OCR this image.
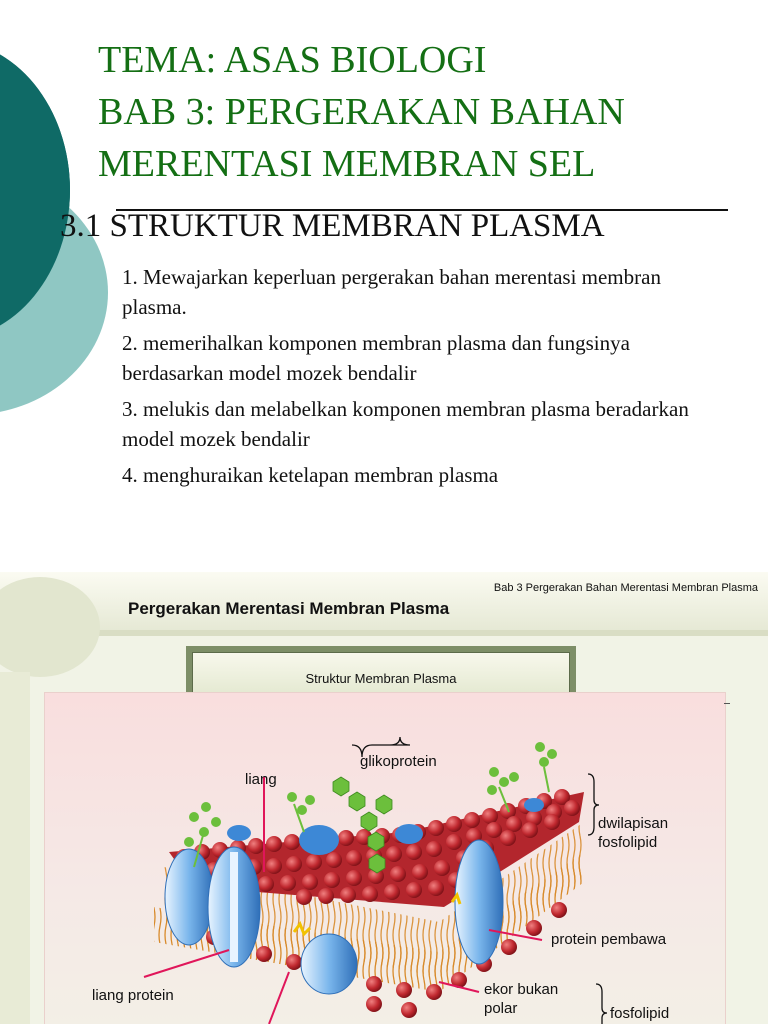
TEMA: ASAS BIOLOGI
BAB 3: PERGERAKAN BAHAN
MERENTASI MEMBRAN SEL
3.1 STRUKTUR MEMBRAN PLASMA

1. Mewajarkan keperluan pergerakan bahan merentasi membran plasma.

2. memerihalkan komponen membran plasma dan fungsinya berdasarkan model mozek bendalir

3. melukis dan melabelkan komponen membran plasma beradarkan model mozek bendalir

4. menghuraikan ketelapan membran plasma

Bab 3 Pergerakan Bahan Merentasi Membran Plasma
Pergerakan Merentasi Membran Plasma
Struktur Membran Plasma
glikoprotein
liang
dwilapisan
fosfolipid
protein pembawa
liang protein	ekor bukan
polar	fosfolipid
